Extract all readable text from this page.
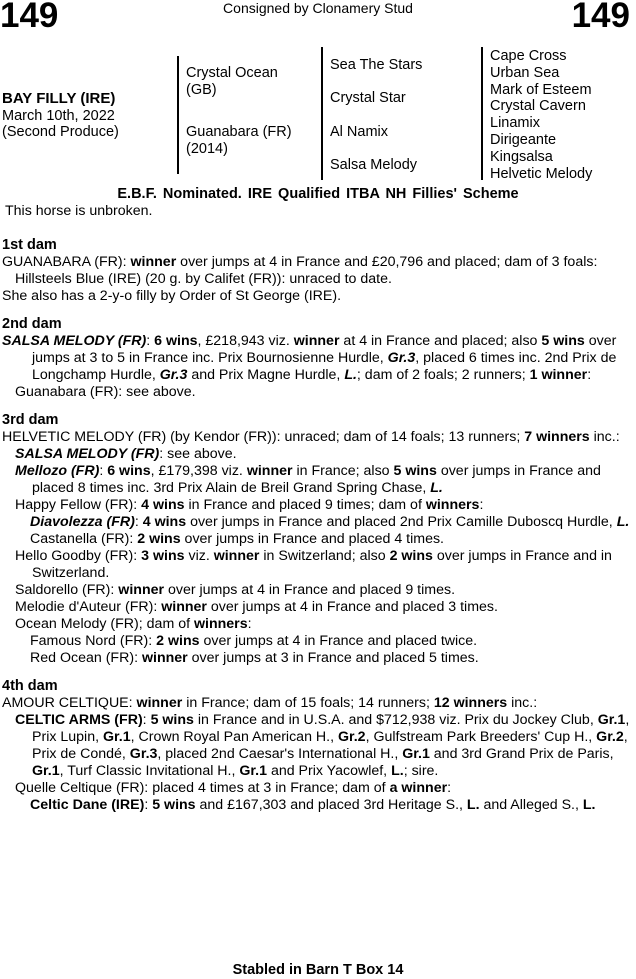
149	Consigned by Clonamery Stud	149
BAY FILLY (IRE)
March 10th, 2022
(Second Produce)
Crystal Ocean
(GB)
Guanabara (FR)
(2014)
Sea The Stars
Crystal Star
Al Namix
Salsa Melody
Cape Cross
Urban Sea
Mark of Esteem
Crystal Cavern
Linamix
Dirigeante
Kingsalsa
Helvetic Melody
E.B.F. Nominated. IRE Qualified ITBA NH Fillies' Scheme
This horse is unbroken.

1st dam

GUANABARA (FR): winner over jumps at 4 in France and £20,796 and placed; dam of 3 foals:

Hillsteels Blue (IRE) (20 g. by Califet (FR)): unraced to date.

She also has a 2-y-o filly by Order of St George (IRE).

2nd dam

SALSA MELODY (FR): 6 wins, £218,943 viz. winner at 4 in France and placed; also 5 wins over jumps at 3 to 5 in France inc. Prix Bournosienne Hurdle, Gr.3, placed 6 times inc. 2nd Prix de Longchamp Hurdle, Gr.3 and Prix Magne Hurdle, L.; dam of 2 foals; 2 runners; 1 winner:

Guanabara (FR): see above.

3rd dam

HELVETIC MELODY (FR) (by Kendor (FR)): unraced; dam of 14 foals; 13 runners; 7 winners inc.:

SALSA MELODY (FR): see above.

Mellozo (FR): 6 wins, £179,398 viz. winner in France; also 5 wins over jumps in France and placed 8 times inc. 3rd Prix Alain de Breil Grand Spring Chase, L.

Happy Fellow (FR): 4 wins in France and placed 9 times; dam of winners:

Diavolezza (FR): 4 wins over jumps in France and placed 2nd Prix Camille Duboscq Hurdle, L.

Castanella (FR): 2 wins over jumps in France and placed 4 times.

Hello Goodby (FR): 3 wins viz. winner in Switzerland; also 2 wins over jumps in France and in Switzerland.

Saldorello (FR): winner over jumps at 4 in France and placed 9 times.

Melodie d'Auteur (FR): winner over jumps at 4 in France and placed 3 times.

Ocean Melody (FR); dam of winners:

Famous Nord (FR): 2 wins over jumps at 4 in France and placed twice.

Red Ocean (FR): winner over jumps at 3 in France and placed 5 times.

4th dam

AMOUR CELTIQUE: winner in France; dam of 15 foals; 14 runners; 12 winners inc.:

CELTIC ARMS (FR): 5 wins in France and in U.S.A. and $712,938 viz. Prix du Jockey Club, Gr.1, Prix Lupin, Gr.1, Crown Royal Pan American H., Gr.2, Gulfstream Park Breeders' Cup H., Gr.2, Prix de Condé, Gr.3, placed 2nd Caesar's International H., Gr.1 and 3rd Grand Prix de Paris, Gr.1, Turf Classic Invitational H., Gr.1 and Prix Yacowlef, L.; sire.

Quelle Celtique (FR): placed 4 times at 3 in France; dam of a winner:

Celtic Dane (IRE): 5 wins and £167,303 and placed 3rd Heritage S., L. and Alleged S., L.

Stabled in Barn T Box 14
